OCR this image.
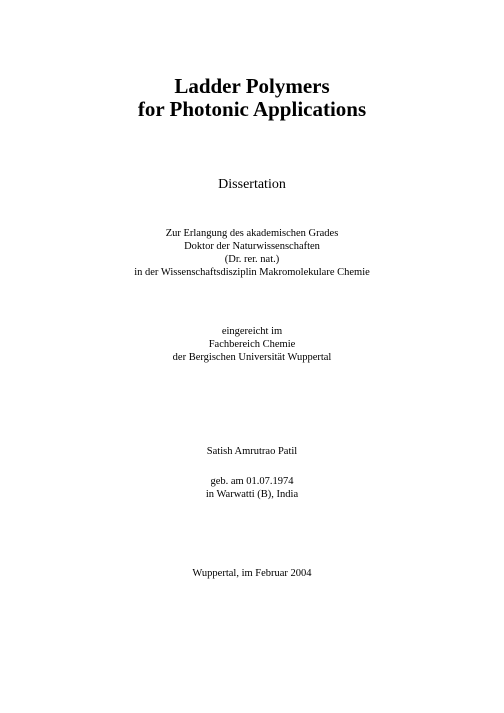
Ladder Polymers
for Photonic Applications
Dissertation
Zur Erlangung des akademischen Grades
Doktor der Naturwissenschaften
(Dr. rer. nat.)
in der Wissenschaftsdisziplin Makromolekulare Chemie
eingereicht im
Fachbereich Chemie
der Bergischen Universität Wuppertal
Satish Amrutrao Patil
geb. am 01.07.1974
in Warwatti (B), India
Wuppertal, im Februar 2004
